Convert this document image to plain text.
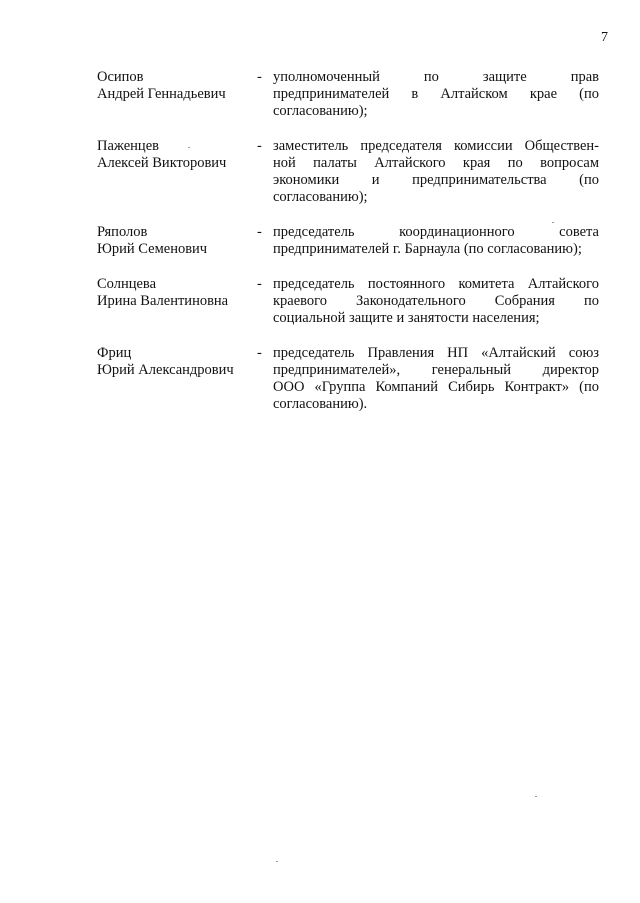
7
Осипов
Андрей Геннадьевич
- уполномоченный по защите прав
предпринимателей в Алтайском крае (по
согласованию);
Паженцев
Алексей Викторович
- заместитель председателя комиссии Обществен-
ной палаты Алтайского края по вопросам
экономики и предпринимательства (по
согласованию);
Ряполов
Юрий Семенович
- председатель координационного совета
предпринимателей г. Барнаула (по согласованию);
Солнцева
Ирина Валентиновна
- председатель постоянного комитета Алтайского
краевого Законодательного Собрания по
социальной защите и занятости населения;
Фриц
Юрий Александрович
- председатель Правления НП «Алтайский союз
предпринимателей», генеральный директор
ООО «Группа Компаний Сибирь Контракт» (по
согласованию).
